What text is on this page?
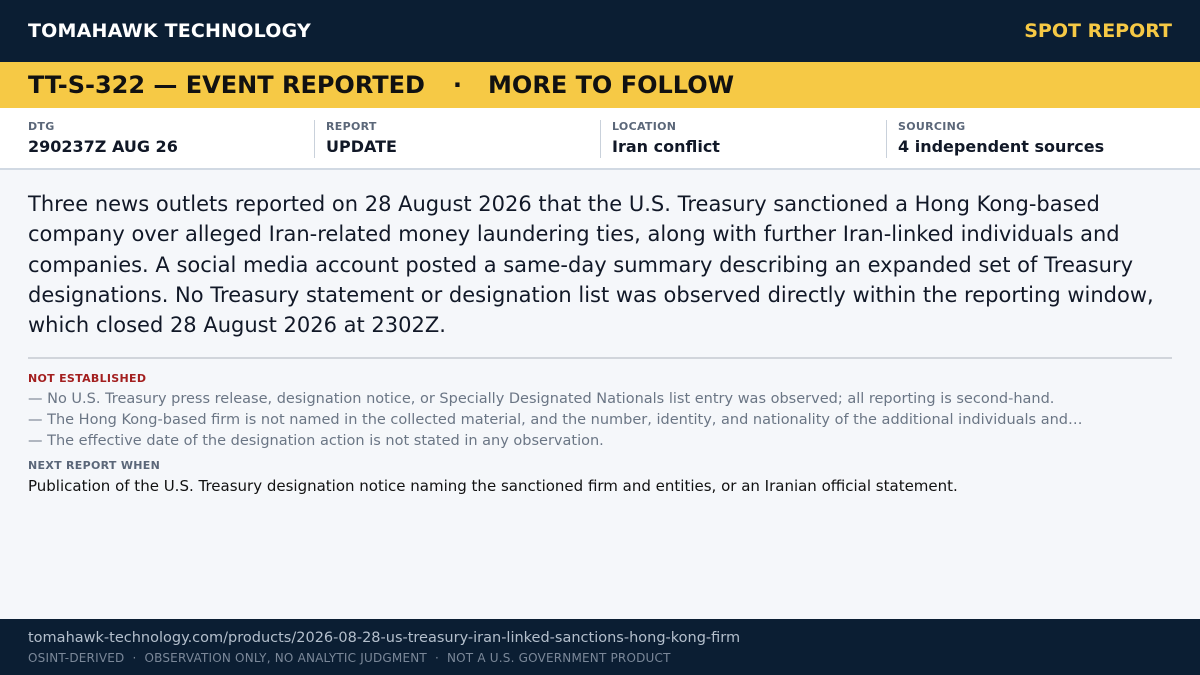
TOMAHAWK TECHNOLOGY	SPOT REPORT
TT-S-322 — EVENT REPORTED · MORE TO FOLLOW
DTG
290237Z AUG 26
REPORT
UPDATE
LOCATION
Iran conflict
SOURCING
4 independent sources

Three news outlets reported on 28 August 2026 that the U.S. Treasury sanctioned a Hong Kong-based company over alleged Iran-related money laundering ties, along with further Iran-linked individuals and companies. A social media account posted a same-day summary describing an expanded set of Treasury designations. No Treasury statement or designation list was observed directly within the reporting window, which closed 28 August 2026 at 2302Z.

NOT ESTABLISHED
— No U.S. Treasury press release, designation notice, or Specially Designated Nationals list entry was observed; all reporting is second-hand.
— The Hong Kong-based firm is not named in the collected material, and the number, identity, and nationality of the additional individuals and…
— The effective date of the designation action is not stated in any observation.
NEXT REPORT WHEN
Publication of the U.S. Treasury designation notice naming the sanctioned firm and entities, or an Iranian official statement.
tomahawk-technology.com/products/2026-08-28-us-treasury-iran-linked-sanctions-hong-kong-firm
OSINT-DERIVED · OBSERVATION ONLY, NO ANALYTIC JUDGMENT · NOT A U.S. GOVERNMENT PRODUCT
